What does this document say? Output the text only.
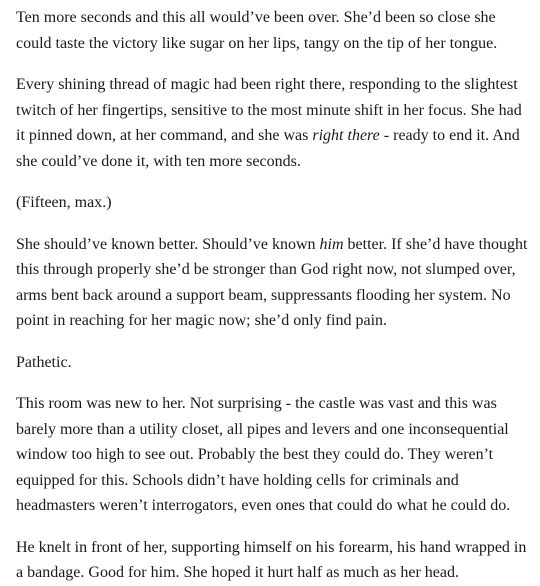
Ten more seconds and this all would’ve been over. She’d been so close she could taste the victory like sugar on her lips, tangy on the tip of her tongue.

Every shining thread of magic had been right there, responding to the slightest twitch of her fingertips, sensitive to the most minute shift in her focus. She had it pinned down, at her command, and she was right there - ready to end it. And she could’ve done it, with ten more seconds.

(Fifteen, max.)

She should’ve known better. Should’ve known him better. If she’d have thought this through properly she’d be stronger than God right now, not slumped over, arms bent back around a support beam, suppressants flooding her system. No point in reaching for her magic now; she’d only find pain.

Pathetic.

This room was new to her. Not surprising - the castle was vast and this was barely more than a utility closet, all pipes and levers and one inconsequential window too high to see out. Probably the best they could do. They weren’t equipped for this. Schools didn’t have holding cells for criminals and headmasters weren’t interrogators, even ones that could do what he could do.

He knelt in front of her, supporting himself on his forearm, his hand wrapped in a bandage. Good for him. She hoped it hurt half as much as her head.
